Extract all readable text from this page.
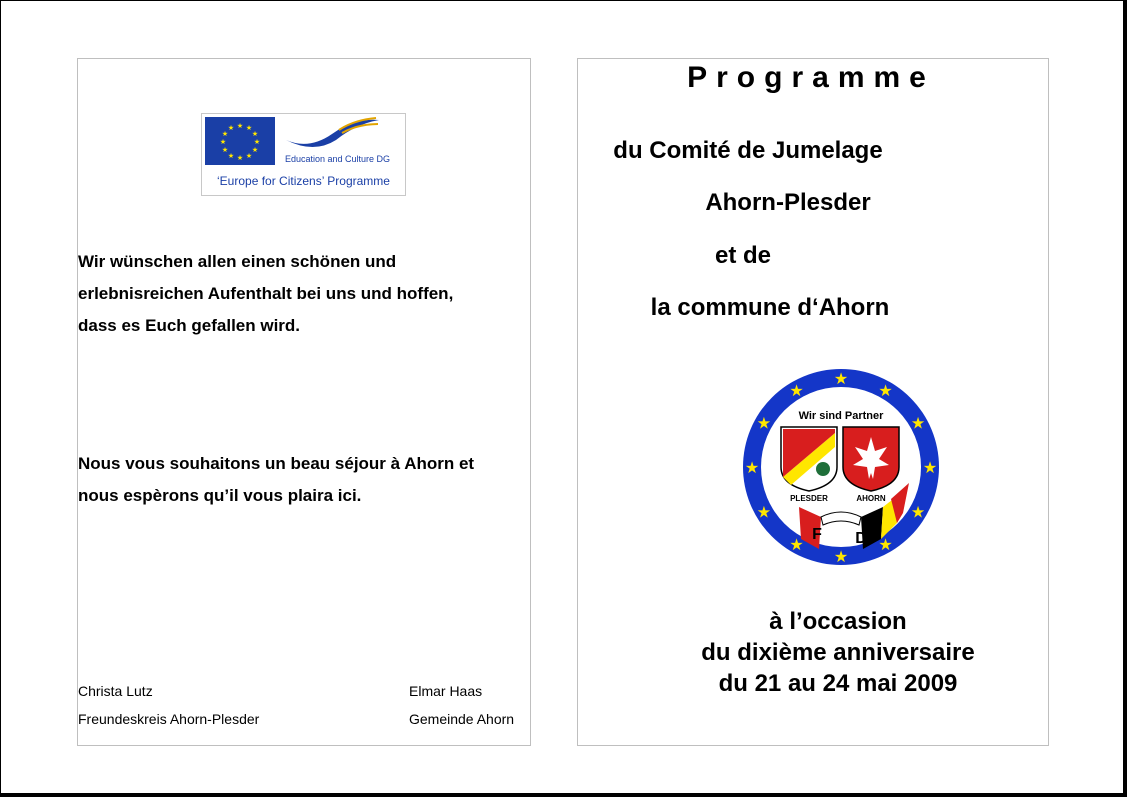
★ ★
★
★
★
★
★
★
★
★
★
★
Education and Culture DG
‘Europe for Citizens’ Programme
Wir wünschen allen einen schönen und
erlebnisreichen Aufenthalt bei uns und hoffen,
dass es Euch gefallen wird.
Nous vous souhaitons un beau séjour à Ahorn et
nous espèrons qu’il vous plaira ici.
Christa Lutz
Freundeskreis Ahorn-Plesder
Elmar Haas
Gemeinde Ahorn
Programme
du Comité de Jumelage
Ahorn-Plesder
et de
la commune d‘Ahorn
★
★
★
★
★
★
★
★
★
★
★
★
Wir sind Partner
PLESDER	AHORN
F D
à l’occasion
du dixième anniversaire
du 21 au 24 mai 2009
